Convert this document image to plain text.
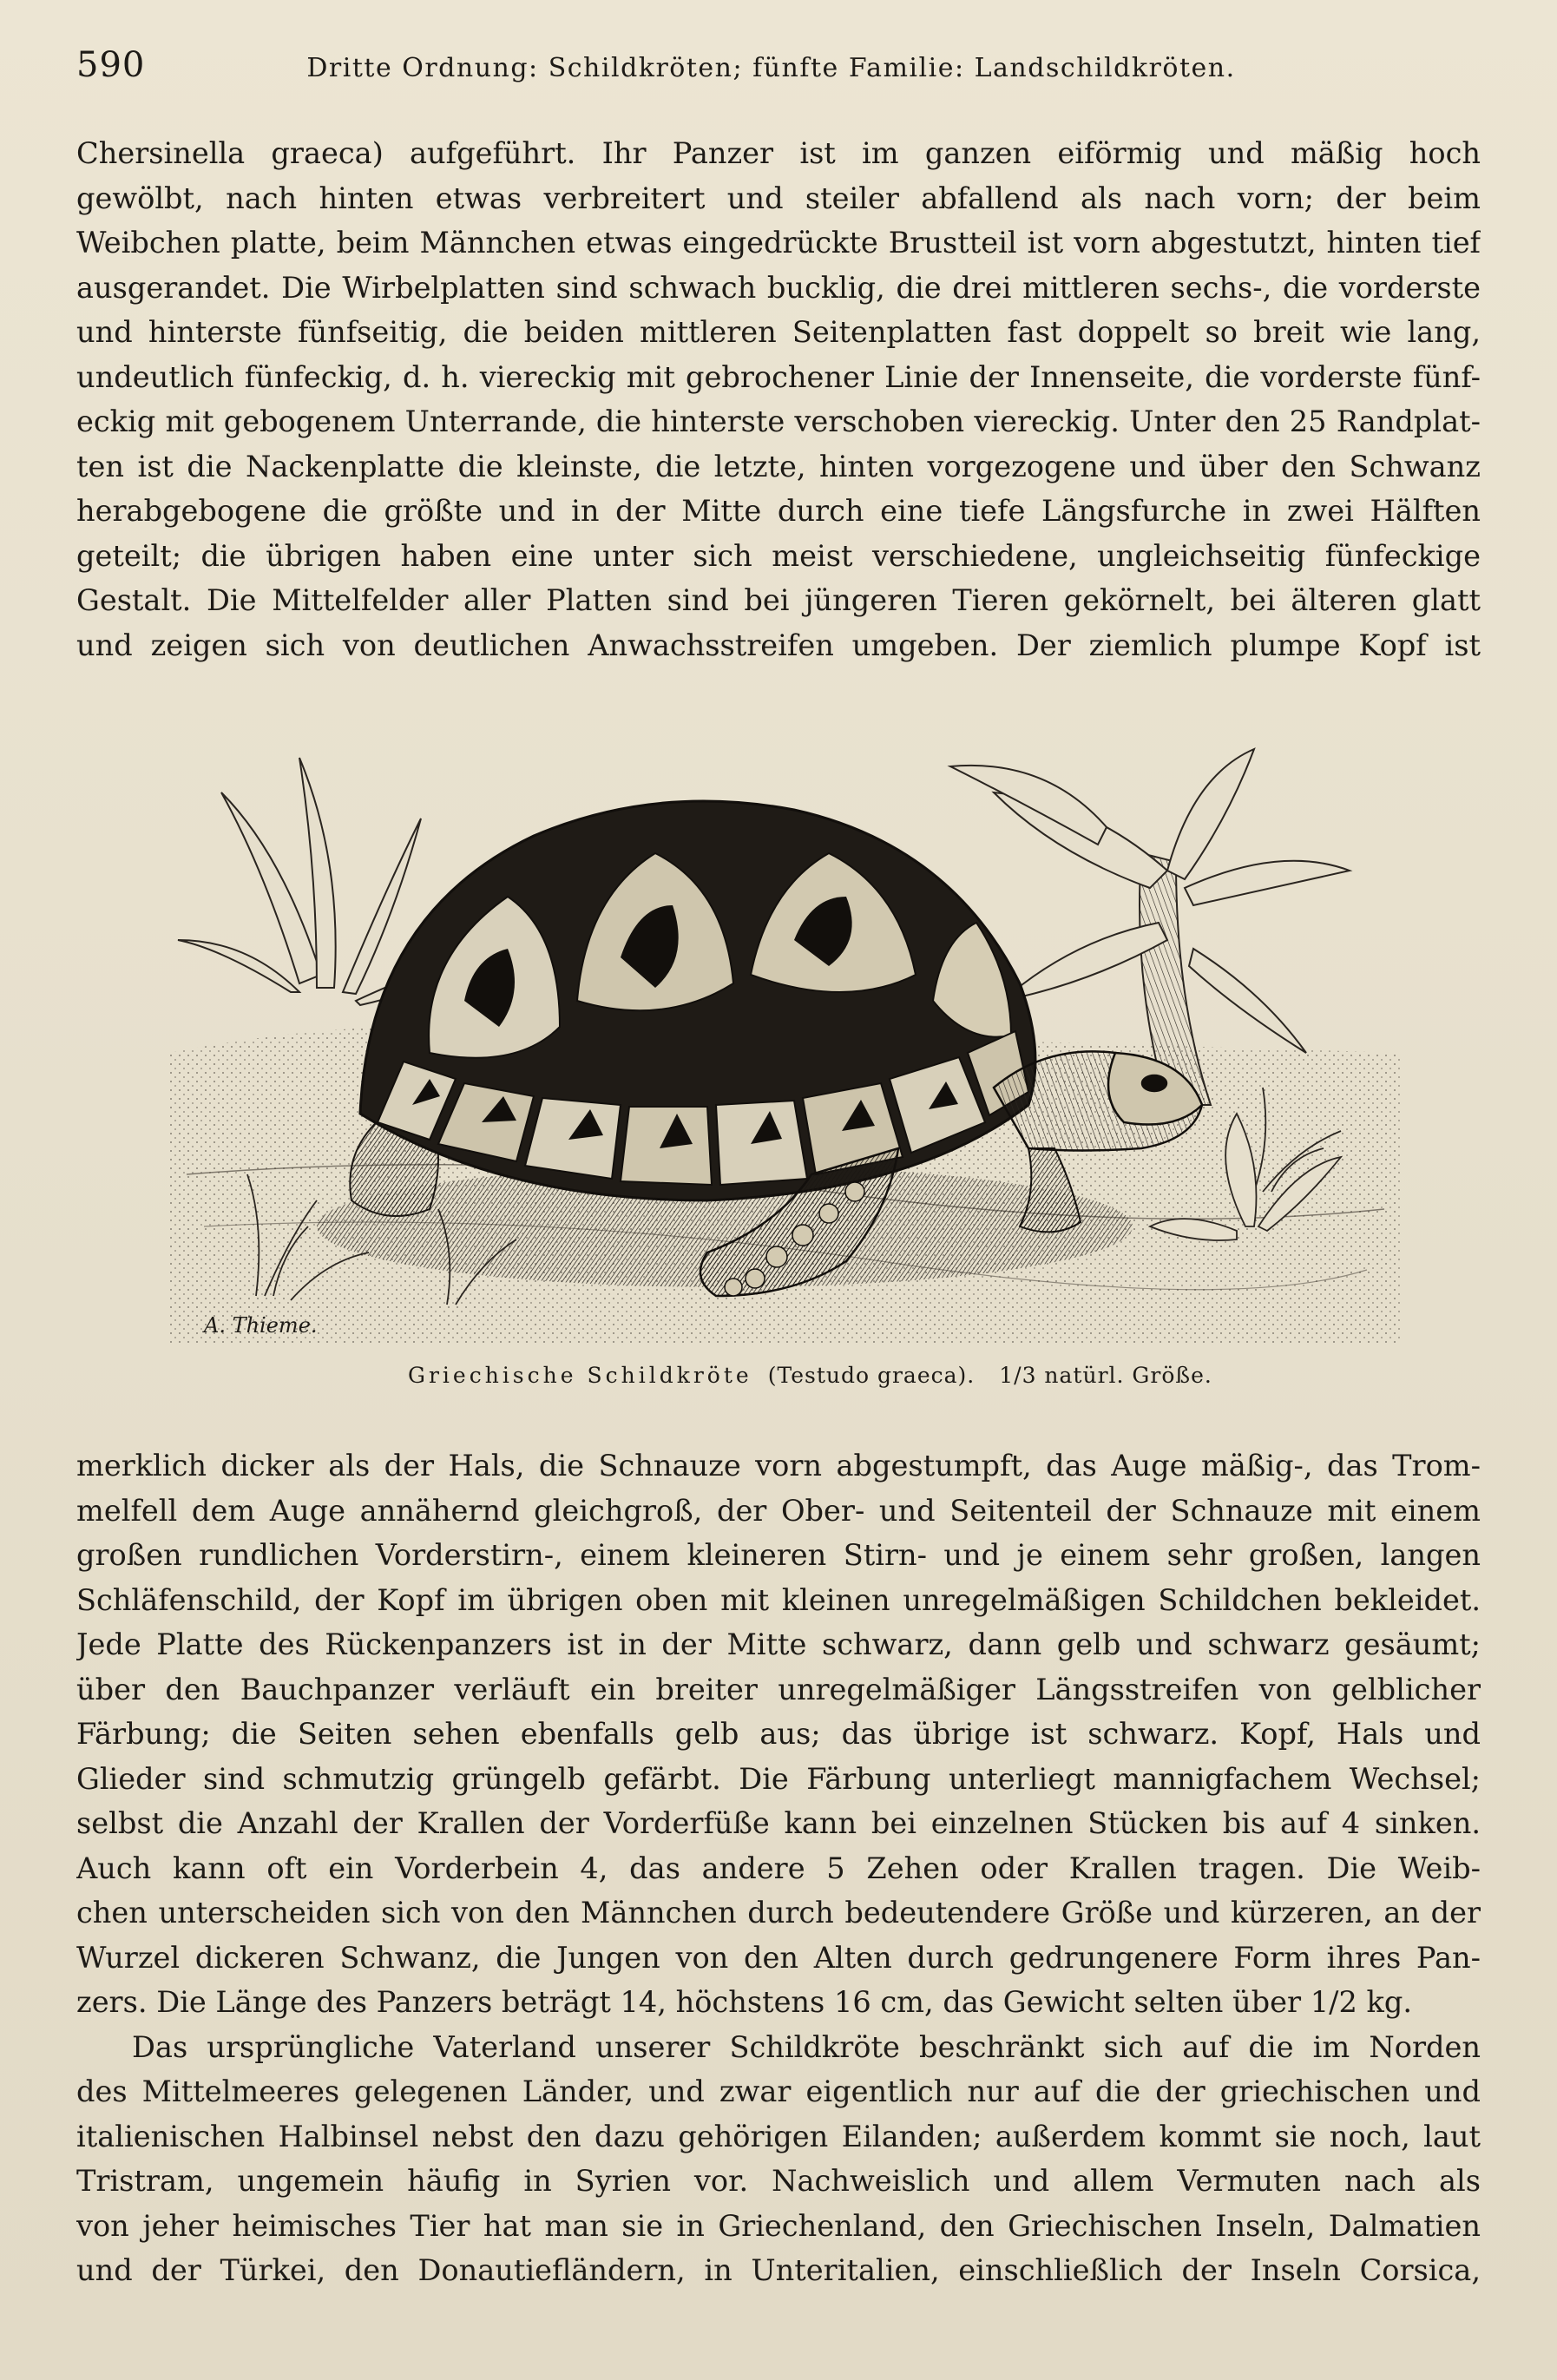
590	Dritte Ordnung: Schildkröten; fünfte Familie: Landschildkröten.
Chersinella graeca) aufgeführt. Ihr Panzer ist im ganzen eiförmig und mäßig hoch
gewölbt, nach hinten etwas verbreitert und steiler abfallend als nach vorn; der beim
Weibchen platte, beim Männchen etwas eingedrückte Brustteil ist vorn abgestutzt, hinten tief
ausgerandet. Die Wirbelplatten sind schwach bucklig, die drei mittleren sechs-, die vorderste
und hinterste fünfseitig, die beiden mittleren Seitenplatten fast doppelt so breit wie lang,
undeutlich fünfeckig, d. h. viereckig mit gebrochener Linie der Innenseite, die vorderste fünf-
eckig mit gebogenem Unterrande, die hinterste verschoben viereckig. Unter den 25 Randplat-
ten ist die Nackenplatte die kleinste, die letzte, hinten vorgezogene und über den Schwanz
herabgebogene die größte und in der Mitte durch eine tiefe Längsfurche in zwei Hälften
geteilt; die übrigen haben eine unter sich meist verschiedene, ungleichseitig fünfeckige
Gestalt. Die Mittelfelder aller Platten sind bei jüngeren Tieren gekörnelt, bei älteren glatt
und zeigen sich von deutlichen Anwachsstreifen umgeben. Der ziemlich plumpe Kopf ist
A. Thieme.
Griechische Schildkröte (Testudo graeca). 1/3 natürl. Größe.
merklich dicker als der Hals, die Schnauze vorn abgestumpft, das Auge mäßig-, das Trom-
melfell dem Auge annähernd gleichgroß, der Ober- und Seitenteil der Schnauze mit einem
großen rundlichen Vorderstirn-, einem kleineren Stirn- und je einem sehr großen, langen
Schläfenschild, der Kopf im übrigen oben mit kleinen unregelmäßigen Schildchen bekleidet.
Jede Platte des Rückenpanzers ist in der Mitte schwarz, dann gelb und schwarz gesäumt;
über den Bauchpanzer verläuft ein breiter unregelmäßiger Längsstreifen von gelblicher
Färbung; die Seiten sehen ebenfalls gelb aus; das übrige ist schwarz. Kopf, Hals und
Glieder sind schmutzig grüngelb gefärbt. Die Färbung unterliegt mannigfachem Wechsel;
selbst die Anzahl der Krallen der Vorderfüße kann bei einzelnen Stücken bis auf 4 sinken.
Auch kann oft ein Vorderbein 4, das andere 5 Zehen oder Krallen tragen. Die Weib-
chen unterscheiden sich von den Männchen durch bedeutendere Größe und kürzeren, an der
Wurzel dickeren Schwanz, die Jungen von den Alten durch gedrungenere Form ihres Pan-
zers. Die Länge des Panzers beträgt 14, höchstens 16 cm, das Gewicht selten über 1/2 kg.
Das ursprüngliche Vaterland unserer Schildkröte beschränkt sich auf die im Norden
des Mittelmeeres gelegenen Länder, und zwar eigentlich nur auf die der griechischen und
italienischen Halbinsel nebst den dazu gehörigen Eilanden; außerdem kommt sie noch, laut
Tristram, ungemein häufig in Syrien vor. Nachweislich und allem Vermuten nach als
von jeher heimisches Tier hat man sie in Griechenland, den Griechischen Inseln, Dalmatien
und der Türkei, den Donautiefländern, in Unteritalien, einschließlich der Inseln Corsica,
